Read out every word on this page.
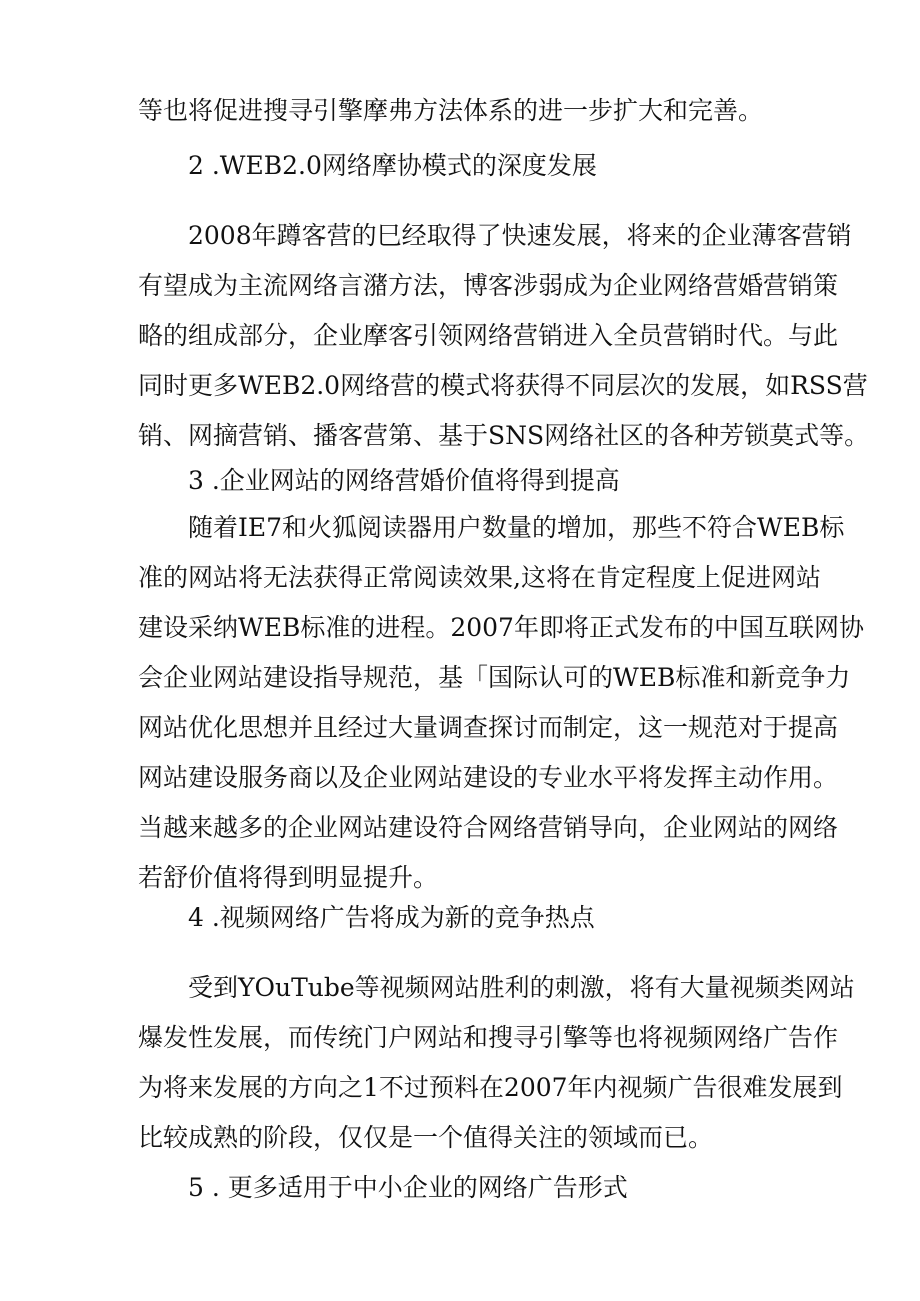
等也将促进搜寻引擎摩弗方法体系的进一步扩大和完善。
2 .WEB2.0网络摩协模式的深度发展
2008年蹲客营的巳经取得了快速发展，将来的企业薄客营销
有望成为主流网络言潴方法，博客涉弱成为企业网络营婚营销策
略的组成部分，企业摩客引领网络营销进入全员营销时代。与此
同时更多WEB2.0网络营的模式将获得不同层次的发展，如RSS营
销、网摘营销、播客营第、基于SNS网络社区的各种芳锁莫式等。
3 .企业网站的网络营婚价值将得到提高
随着IE7和火狐阅读器用户数量的增加，那些不符合WEB标
准的网站将无法获得正常阅读效果,这将在肯定程度上促进网站
建设采纳WEB标准的进程。2007年即将正式发布的中国互联网协
会企业网站建设指导规范，基「国际认可的WEB标准和新竞争力
网站优化思想并且经过大量调查探讨而制定，这一规范对于提高
网站建设服务商以及企业网站建设的专业水平将发挥主动作用。
当越来越多的企业网站建设符合网络营销导向，企业网站的网络
若舒价值将得到明显提升。
4 .视频网络广告将成为新的竞争热点
受到YOuTube等视频网站胜利的刺激，将有大量视频类网站
爆发性发展，而传统门户网站和搜寻引擎等也将视频网络广告作
为将来发展的方向之1不过预料在2007年内视频广告很难发展到
比较成熟的阶段，仅仅是一个值得关注的领域而已。
5 . 更多适用于中小企业的网络广告形式
